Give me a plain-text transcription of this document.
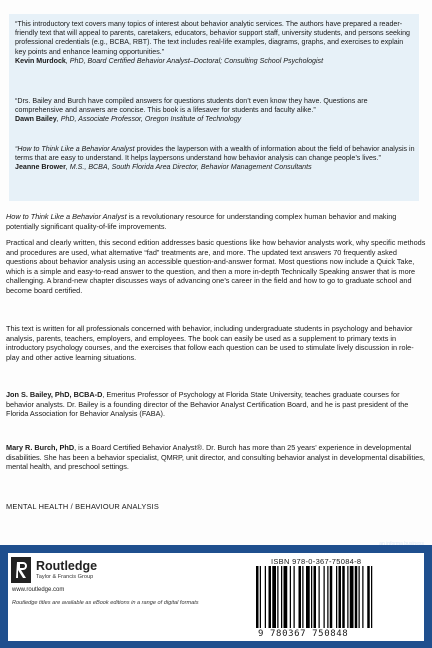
“This introductory text covers many topics of interest about behavior analytic services. The authors have prepared a reader-friendly text that will appeal to parents, caretakers, educators, behavior support staff, university students, and persons seeking professional credentials (e.g., BCBA, RBT). The text includes real-life examples, diagrams, graphs, and exercises to explain key points and enhance learning opportunities.”

Kevin Murdock, PhD, Board Certified Behavior Analyst–Doctoral; Consulting School Psychologist

“Drs. Bailey and Burch have compiled answers for questions students don’t even know they have. Questions are comprehensive and answers are concise. This book is a lifesaver for students and faculty alike.”

Dawn Bailey, PhD, Associate Professor, Oregon Institute of Technology

“How to Think Like a Behavior Analyst provides the layperson with a wealth of information about the field of behavior analysis in terms that are easy to understand. It helps laypersons understand how behavior analysis can change people’s lives.”

Jeanne Brower, M.S., BCBA, South Florida Area Director, Behavior Management Consultants

How to Think Like a Behavior Analyst is a revolutionary resource for understanding complex human behavior and making potentially significant quality-of-life improvements.

Practical and clearly written, this second edition addresses basic questions like how behavior analysts work, why specific methods and procedures are used, what alternative “fad” treatments are, and more. The updated text answers 70 frequently asked questions about behavior analysis using an accessible question-and-answer format. Most questions now include a Quick Take, which is a simple and easy-to-read answer to the question, and then a more in-depth Technically Speaking answer that is more challenging. A brand-new chapter discusses ways of advancing one’s career in the field and how to go to graduate school and become board certified.

This text is written for all professionals concerned with behavior, including undergraduate students in psychology and behavior analysis, parents, teachers, employers, and employees. The book can easily be used as a supplement to primary texts in introductory psychology courses, and the exercises that follow each question can be used to stimulate lively discussion in role-play and other active learning situations.

Jon S. Bailey, PhD, BCBA-D, Emeritus Professor of Psychology at Florida State University, teaches graduate courses for behavior analysts. Dr. Bailey is a founding director of the Behavior Analyst Certification Board, and he is past president of the Florida Association for Behavior Analysis (FABA).

Mary R. Burch, PhD, is a Board Certified Behavior Analyst®. Dr. Burch has more than 25 years’ experience in developmental disabilities. She has been a behavior specialist, QMRP, unit director, and consulting behavior analyst in developmental disabilities, mental health, and preschool settings.

MENTAL HEALTH / BEHAVIOUR ANALYSIS
an informa business
Routledge
Taylor & Francis Group
www.routledge.com
Routledge titles are available as eBook editions in a range of digital formats
ISBN 978-0-367-75084-8
9 780367 750848
